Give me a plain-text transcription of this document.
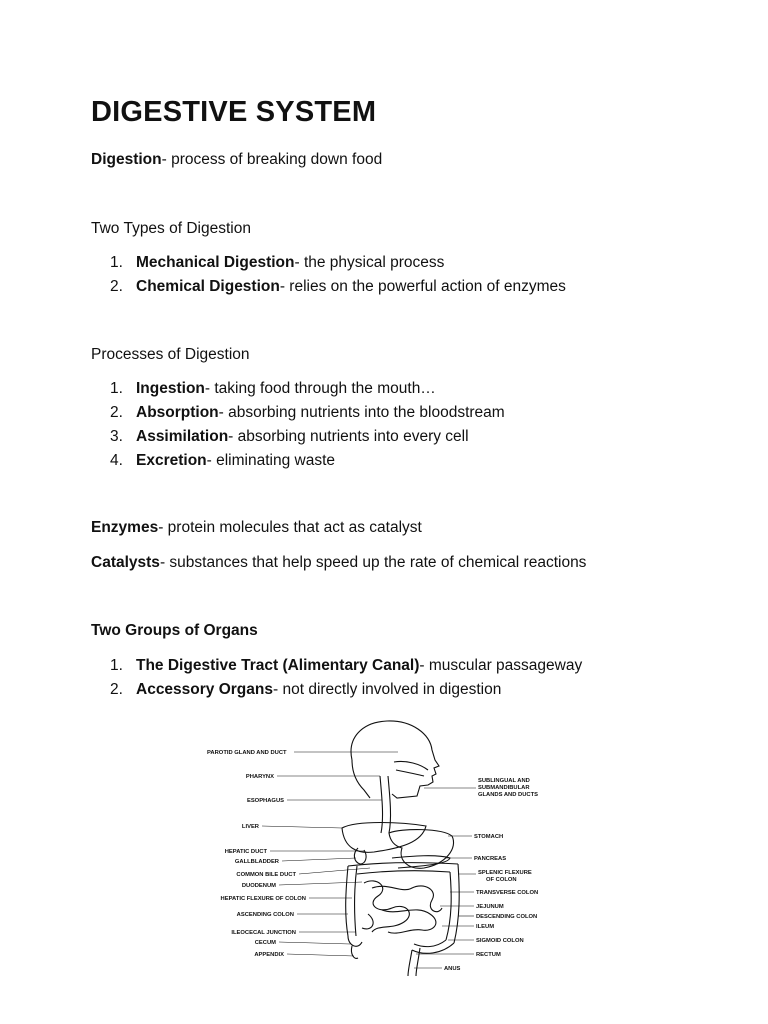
DIGESTIVE SYSTEM
Digestion- process of breaking down food
Two Types of Digestion
1. Mechanical Digestion- the physical process
2. Chemical Digestion- relies on the powerful action of enzymes
Processes of Digestion
1. Ingestion- taking food through the mouth…
2. Absorption- absorbing nutrients into the bloodstream
3. Assimilation- absorbing nutrients into every cell
4. Excretion- eliminating waste
Enzymes- protein molecules that act as catalyst
Catalysts- substances that help speed up the rate of chemical reactions
Two Groups of Organs
1. The Digestive Tract (Alimentary Canal)- muscular passageway
2. Accessory Organs- not directly involved in digestion
PAROTID GLAND AND DUCT
PHARYNX
ESOPHAGUS
LIVER
HEPATIC DUCT
GALLBLADDER
COMMON BILE DUCT
DUODENUM
HEPATIC FLEXURE OF COLON
ASCENDING COLON
ILEOCECAL JUNCTION
CECUM
APPENDIX
SUBLINGUAL AND
SUBMANDIBULAR
GLANDS AND DUCTS
STOMACH
PANCREAS
SPLENIC FLEXURE
OF COLON
TRANSVERSE COLON
JEJUNUM
DESCENDING COLON
ILEUM
SIGMOID COLON
RECTUM
ANUS
